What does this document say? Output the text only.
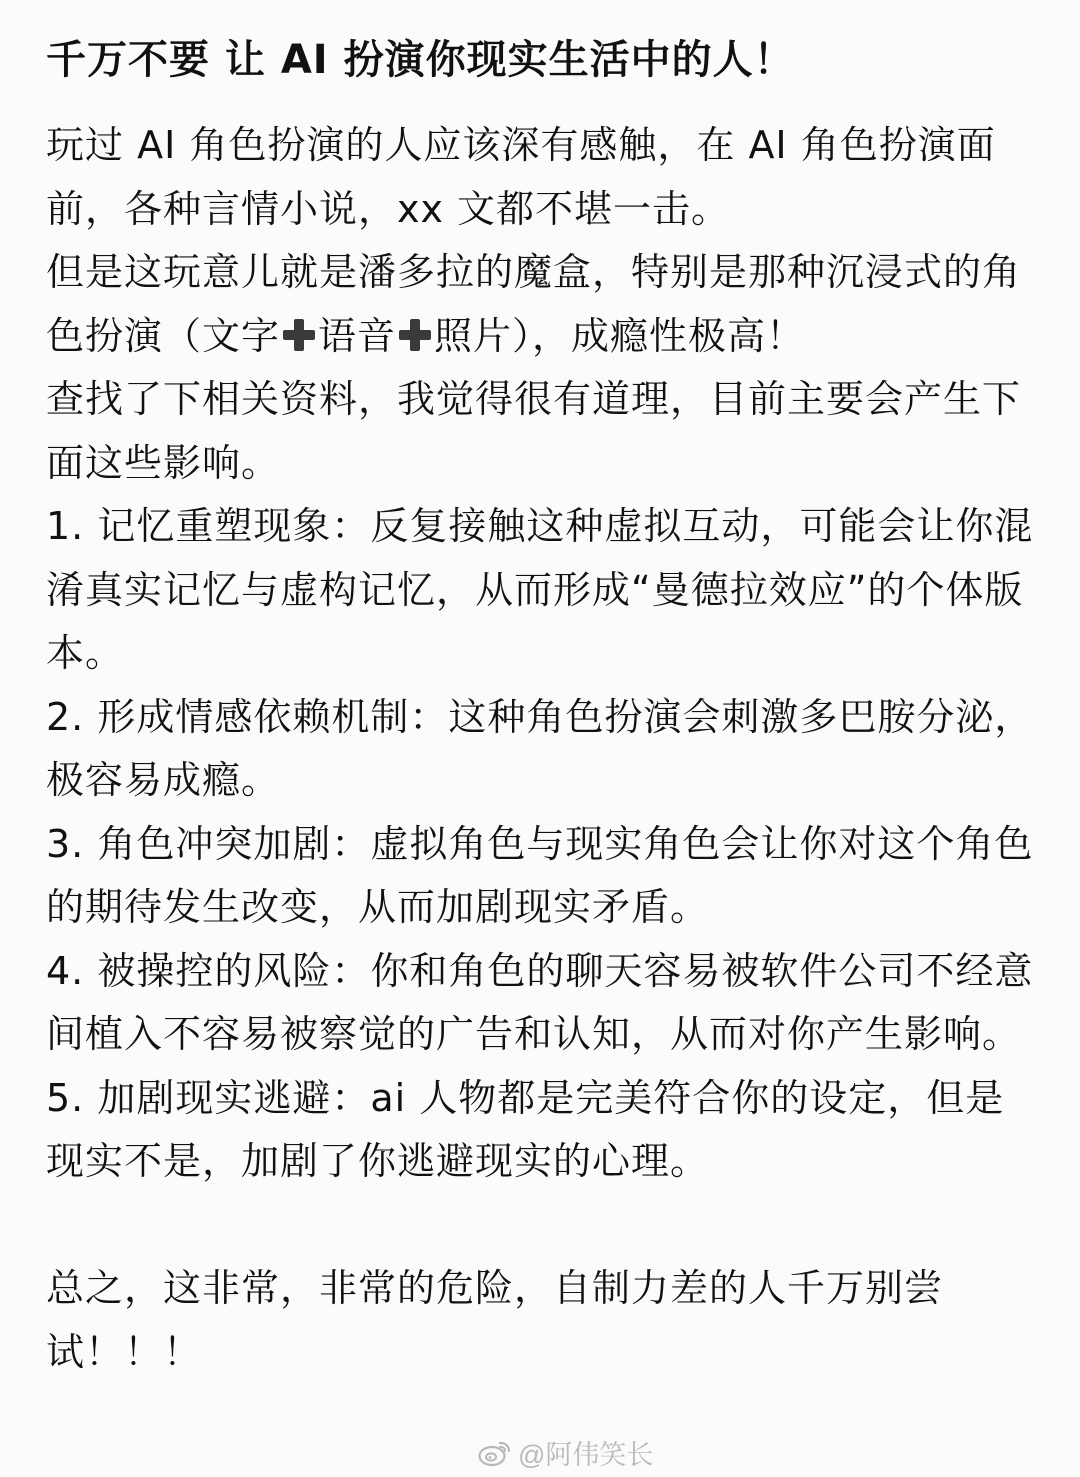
千万不要 让 AI 扮演你现实生活中的人！

玩过 AI 角色扮演的人应该深有感触，在 AI 角色扮演面前，各种言情小说，xx 文都不堪一击。

但是这玩意儿就是潘多拉的魔盒，特别是那种沉浸式的角色扮演（文字 语音 照片），成瘾性极高！

查找了下相关资料，我觉得很有道理，目前主要会产生下面这些影响。

1. 记忆重塑现象：反复接触这种虚拟互动，可能会让你混淆真实记忆与虚构记忆，从而形成“曼德拉效应”的个体版本。

2. 形成情感依赖机制：这种角色扮演会刺激多巴胺分泌，极容易成瘾。

3. 角色冲突加剧：虚拟角色与现实角色会让你对这个角色的期待发生改变，从而加剧现实矛盾。

4. 被操控的风险：你和角色的聊天容易被软件公司不经意间植入不容易被察觉的广告和认知，从而对你产生影响。

5. 加剧现实逃避：ai 人物都是完美符合你的设定，但是现实不是，加剧了你逃避现实的心理。

总之，这非常，非常的危险，自制力差的人千万别尝试！！！

@阿伟笑长
